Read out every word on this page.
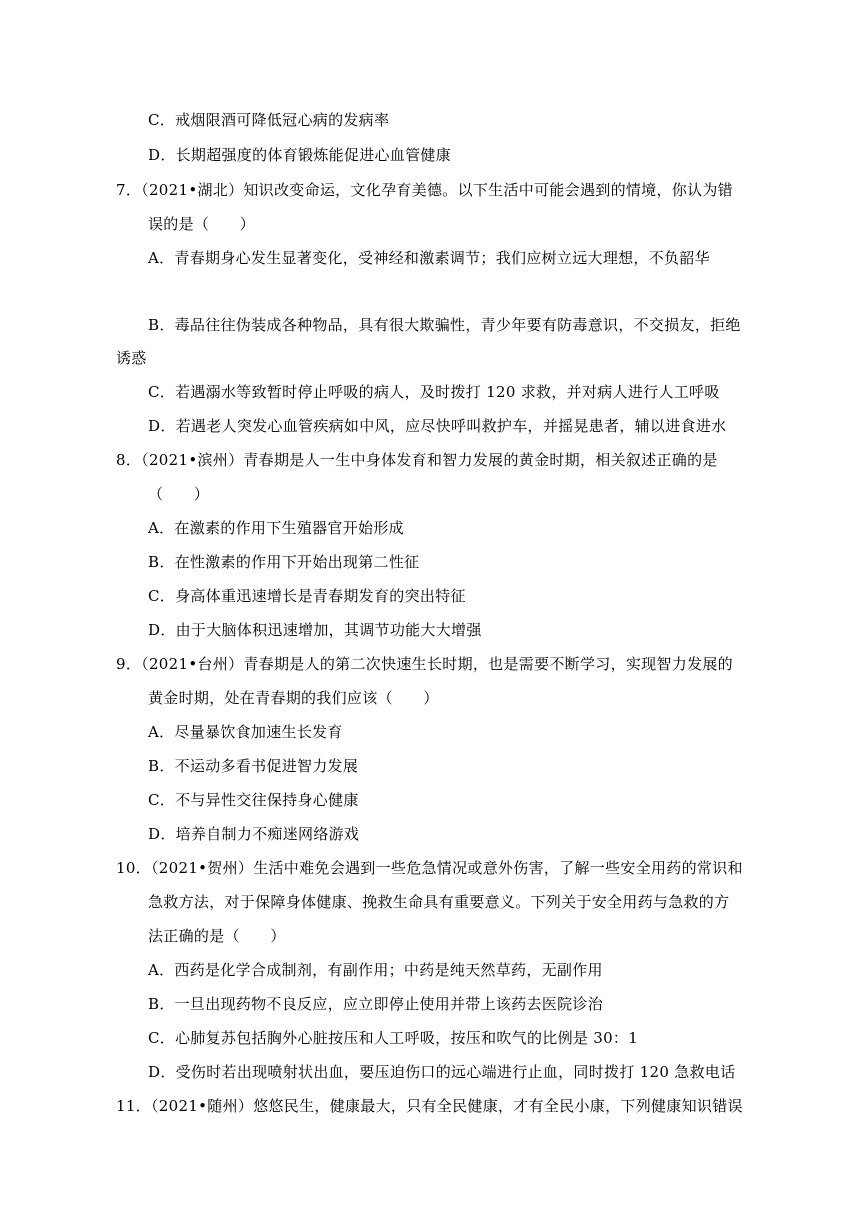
C．戒烟限酒可降低冠心病的发病率
D．长期超强度的体育锻炼能促进心血管健康
7．（2021•湖北）知识改变命运，文化孕育美德。以下生活中可能会遇到的情境，你认为错
误的是（　　）
A．青春期身心发生显著变化，受神经和激素调节；我们应树立远大理想，不负韶华
B．毒品往往伪装成各种物品，具有很大欺骗性，青少年要有防毒意识，不交损友，拒绝
诱惑
C．若遇溺水等致暂时停止呼吸的病人，及时拨打 120 求救，并对病人进行人工呼吸
D．若遇老人突发心血管疾病如中风，应尽快呼叫救护车，并摇晃患者，辅以进食进水
8．（2021•滨州）青春期是人一生中身体发育和智力发展的黄金时期，相关叙述正确的是
（　　）
A．在激素的作用下生殖器官开始形成
B．在性激素的作用下开始出现第二性征
C．身高体重迅速增长是青春期发育的突出特征
D．由于大脑体积迅速增加，其调节功能大大增强
9．（2021•台州）青春期是人的第二次快速生长时期，也是需要不断学习，实现智力发展的
黄金时期，处在青春期的我们应该（　　）
A．尽量暴饮食加速生长发育
B．不运动多看书促进智力发展
C．不与异性交往保持身心健康
D．培养自制力不痴迷网络游戏
10．（2021•贺州）生活中难免会遇到一些危急情况或意外伤害，了解一些安全用药的常识和
急救方法，对于保障身体健康、挽救生命具有重要意义。下列关于安全用药与急救的方
法正确的是（　　）
A．西药是化学合成制剂，有副作用；中药是纯天然草药，无副作用
B．一旦出现药物不良反应，应立即停止使用并带上该药去医院诊治
C．心肺复苏包括胸外心脏按压和人工呼吸，按压和吹气的比例是 30：1
D．受伤时若出现喷射状出血，要压迫伤口的远心端进行止血，同时拨打 120 急救电话
11．（2021•随州）悠悠民生，健康最大，只有全民健康，才有全民小康，下列健康知识错误
